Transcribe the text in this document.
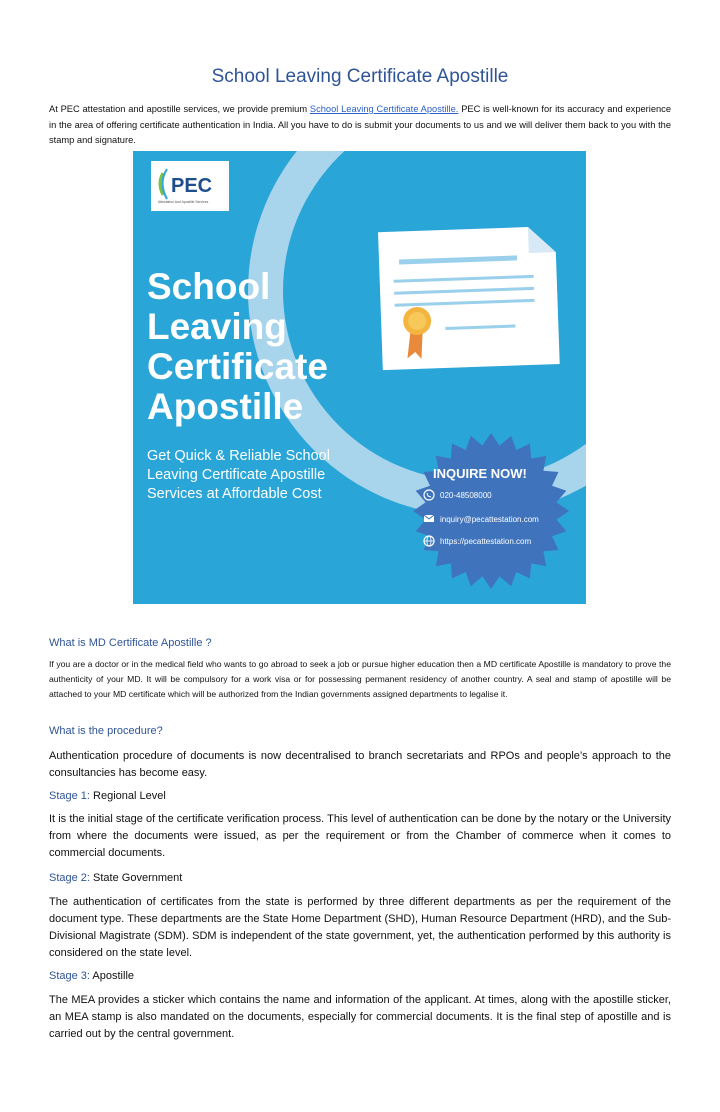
School Leaving Certificate Apostille
At PEC attestation and apostille services, we provide premium School Leaving Certificate Apostille. PEC is well-known for its accuracy and experience in the area of offering certificate authentication in India. All you have to do is submit your documents to us and we will deliver them back to you with the stamp and signature.
PEC
Attestation And Apostille Services
School
Leaving
Certificate
Apostille
Get Quick & Reliable School
Leaving Certificate Apostille
Services at Affordable Cost
INQUIRE NOW!
020-48508000
inquiry@pecattestation.com
https://pecattestation.com
What is MD Certificate Apostille ?
If you are a doctor or in the medical field who wants to go abroad to seek a job or pursue higher education then a MD certificate Apostille is mandatory to prove the authenticity of your MD. It will be compulsory for a work visa or for possessing permanent residency of another country. A seal and stamp of apostille will be attached to your MD certificate which will be authorized from the Indian governments assigned departments to legalise it.
What is the procedure?
Authentication procedure of documents is now decentralised to branch secretariats and RPOs and people’s approach to the consultancies has become easy.
Stage 1: Regional Level
It is the initial stage of the certificate verification process. This level of authentication can be done by the notary or the University from where the documents were issued, as per the requirement or from the Chamber of commerce when it comes to commercial documents.
Stage 2: State Government
The authentication of certificates from the state is performed by three different departments as per the requirement of the document type. These departments are the State Home Department (SHD), Human Resource Department (HRD), and the Sub-Divisional Magistrate (SDM). SDM is independent of the state government, yet, the authentication performed by this authority is considered on the state level.
Stage 3: Apostille
The MEA provides a sticker which contains the name and information of the applicant. At times, along with the apostille sticker, an MEA stamp is also mandated on the documents, especially for commercial documents. It is the final step of apostille and is carried out by the central government.
